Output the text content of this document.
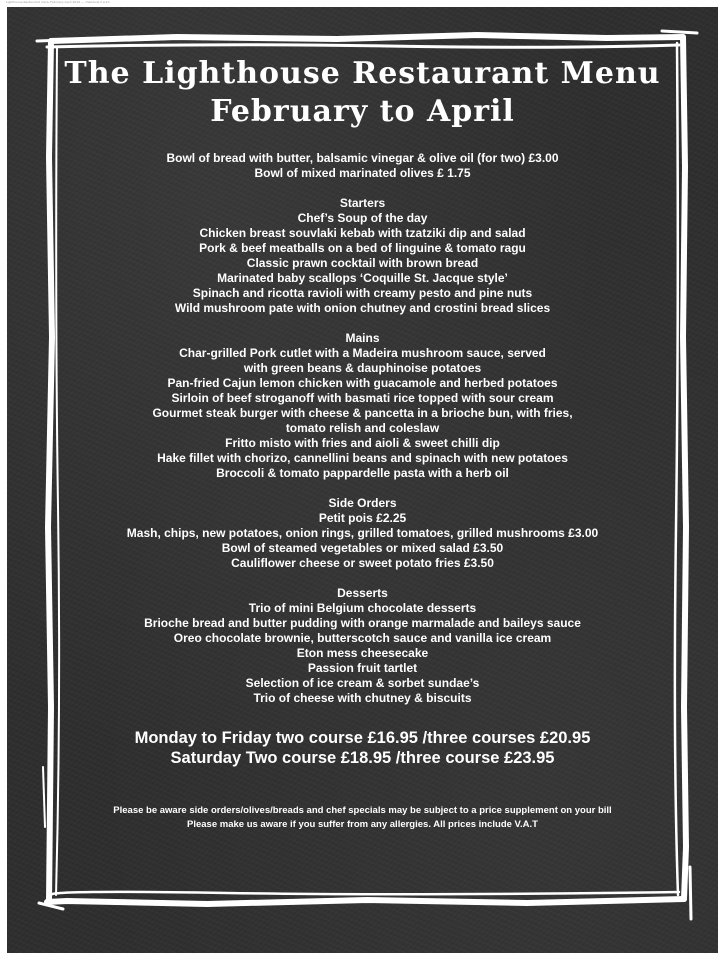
Lighthouse Restaurant menu February-April 2019 — chalkboard print
The Lighthouse Restaurant Menu
February to April
Bowl of bread with butter, balsamic vinegar & olive oil (for two) £3.00
Bowl of mixed marinated olives £ 1.75
Starters
Chef’s Soup of the day
Chicken breast souvlaki kebab with tzatziki dip and salad
Pork & beef meatballs on a bed of linguine & tomato ragu
Classic prawn cocktail with brown bread
Marinated baby scallops ‘Coquille St. Jacque style’
Spinach and ricotta ravioli with creamy pesto and pine nuts
Wild mushroom pate with onion chutney and crostini bread slices
Mains
Char-grilled Pork cutlet with a Madeira mushroom sauce, served
with green beans & dauphinoise potatoes
Pan-fried Cajun lemon chicken with guacamole and herbed potatoes
Sirloin of beef stroganoff with basmati rice topped with sour cream
Gourmet steak burger with cheese & pancetta in a brioche bun, with fries,
tomato relish and coleslaw
Fritto misto with fries and aioli & sweet chilli dip
Hake fillet with chorizo, cannellini beans and spinach with new potatoes
Broccoli & tomato pappardelle pasta with a herb oil
Side Orders
Petit pois £2.25
Mash, chips, new potatoes, onion rings, grilled tomatoes, grilled mushrooms £3.00
Bowl of steamed vegetables or mixed salad £3.50
Cauliflower cheese or sweet potato fries £3.50
Desserts
Trio of mini Belgium chocolate desserts
Brioche bread and butter pudding with orange marmalade and baileys sauce
Oreo chocolate brownie, butterscotch sauce and vanilla ice cream
Eton mess cheesecake
Passion fruit tartlet
Selection of ice cream & sorbet sundae’s
Trio of cheese with chutney & biscuits
Monday to Friday two course £16.95 /three courses £20.95
Saturday Two course £18.95 /three course £23.95
Please be aware side orders/olives/breads and chef specials may be subject to a price supplement on your bill
Please make us aware if you suffer from any allergies. All prices include V.A.T
